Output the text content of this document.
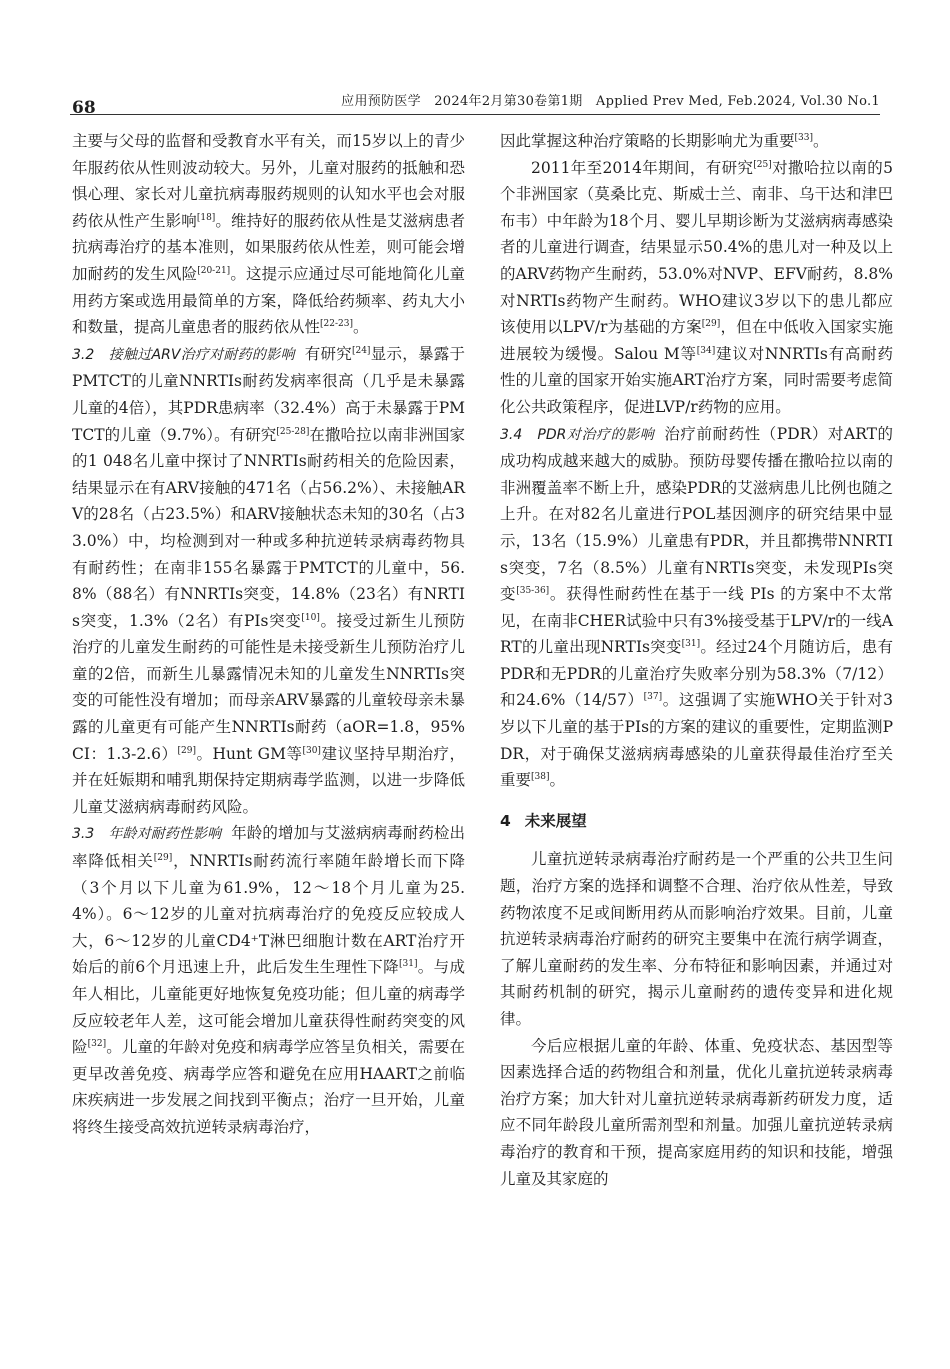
68	应用预防医学　2024年2月第30卷第1期　Applied Prev Med, Feb.2024, Vol.30 No.1

主要与父母的监督和受教育水平有关，而15岁以上的青少年服药依从性则波动较大。另外，儿童对服药的抵触和恐惧心理、家长对儿童抗病毒服药规则的认知水平也会对服药依从性产生影响[18]。维持好的服药依从性是艾滋病患者抗病毒治疗的基本准则，如果服药依从性差，则可能会增加耐药的发生风险[20-21]。这提示应通过尽可能地简化儿童用药方案或选用最简单的方案，降低给药频率、药丸大小和数量，提高儿童患者的服药依从性[22-23]。

3.2　接触过ARV治疗对耐药的影响 有研究[24]显示，暴露于PMTCT的儿童NNRTIs耐药发病率很高（几乎是未暴露儿童的4倍），其PDR患病率（32.4%）高于未暴露于PMTCT的儿童（9.7%）。有研究[25-28]在撒哈拉以南非洲国家的1 048名儿童中探讨了NNRTIs耐药相关的危险因素，结果显示在有ARV接触的471名（占56.2%）、未接触ARV的28名（占23.5%）和ARV接触状态未知的30名（占33.0%）中，均检测到对一种或多种抗逆转录病毒药物具有耐药性；在南非155名暴露于PMTCT的儿童中，56.8%（88名）有NNRTIs突变，14.8%（23名）有NRTIs突变，1.3%（2名）有PIs突变[10]。接受过新生儿预防治疗的儿童发生耐药的可能性是未接受新生儿预防治疗儿童的2倍，而新生儿暴露情况未知的儿童发生NNRTIs突变的可能性没有增加；而母亲ARV暴露的儿童较母亲未暴露的儿童更有可能产生NNRTIs耐药（aOR=1.8，95%CI：1.3-2.6）[29]。Hunt GM等[30]建议坚持早期治疗，并在妊娠期和哺乳期保持定期病毒学监测，以进一步降低儿童艾滋病病毒耐药风险。

3.3　年龄对耐药性影响 年龄的增加与艾滋病病毒耐药检出率降低相关[29]，NNRTIs耐药流行率随年龄增长而下降（3个月以下儿童为61.9%，12～18个月儿童为25.4%）。6～12岁的儿童对抗病毒治疗的免疫反应较成人大，6～12岁的儿童CD4⁺T淋巴细胞计数在ART治疗开始后的前6个月迅速上升，此后发生生理性下降[31]。与成年人相比，儿童能更好地恢复免疫功能；但儿童的病毒学反应较老年人差，这可能会增加儿童获得性耐药突变的风险[32]。儿童的年龄对免疫和病毒学应答呈负相关，需要在更早改善免疫、病毒学应答和避免在应用HAART之前临床疾病进一步发展之间找到平衡点；治疗一旦开始，儿童将终生接受高效抗逆转录病毒治疗，

因此掌握这种治疗策略的长期影响尤为重要[33]。

2011年至2014年期间，有研究[25]对撒哈拉以南的5个非洲国家（莫桑比克、斯威士兰、南非、乌干达和津巴布韦）中年龄为18个月、婴儿早期诊断为艾滋病病毒感染者的儿童进行调查，结果显示50.4%的患儿对一种及以上的ARV药物产生耐药，53.0%对NVP、EFV耐药，8.8%对NRTIs药物产生耐药。WHO建议3岁以下的患儿都应该使用以LPV/r为基础的方案[29]，但在中低收入国家实施进展较为缓慢。Salou M等[34]建议对NNRTIs有高耐药性的儿童的国家开始实施ART治疗方案，同时需要考虑简化公共政策程序，促进LVP/r药物的应用。

3.4　PDR对治疗的影响 治疗前耐药性（PDR）对ART的成功构成越来越大的威胁。预防母婴传播在撒哈拉以南的非洲覆盖率不断上升，感染PDR的艾滋病患儿比例也随之上升。在对82名儿童进行POL基因测序的研究结果中显示，13名（15.9%）儿童患有PDR，并且都携带NNRTIs突变，7名（8.5%）儿童有NRTIs突变，未发现PIs突变[35-36]。获得性耐药性在基于一线 PIs 的方案中不太常见，在南非CHER试验中只有3%接受基于LPV/r的一线ART的儿童出现NRTIs突变[31]。经过24个月随访后，患有PDR和无PDR的儿童治疗失败率分别为58.3%（7/12）和24.6%（14/57）[37]。这强调了实施WHO关于针对3岁以下儿童的基于PIs的方案的建议的重要性，定期监测PDR，对于确保艾滋病病毒感染的儿童获得最佳治疗至关重要[38]。

4 未来展望

儿童抗逆转录病毒治疗耐药是一个严重的公共卫生问题，治疗方案的选择和调整不合理、治疗依从性差，导致药物浓度不足或间断用药从而影响治疗效果。目前，儿童抗逆转录病毒治疗耐药的研究主要集中在流行病学调查，了解儿童耐药的发生率、分布特征和影响因素，并通过对其耐药机制的研究，揭示儿童耐药的遗传变异和进化规律。

今后应根据儿童的年龄、体重、免疫状态、基因型等因素选择合适的药物组合和剂量，优化儿童抗逆转录病毒治疗方案；加大针对儿童抗逆转录病毒新药研发力度，适应不同年龄段儿童所需剂型和剂量。加强儿童抗逆转录病毒治疗的教育和干预，提高家庭用药的知识和技能，增强儿童及其家庭的
